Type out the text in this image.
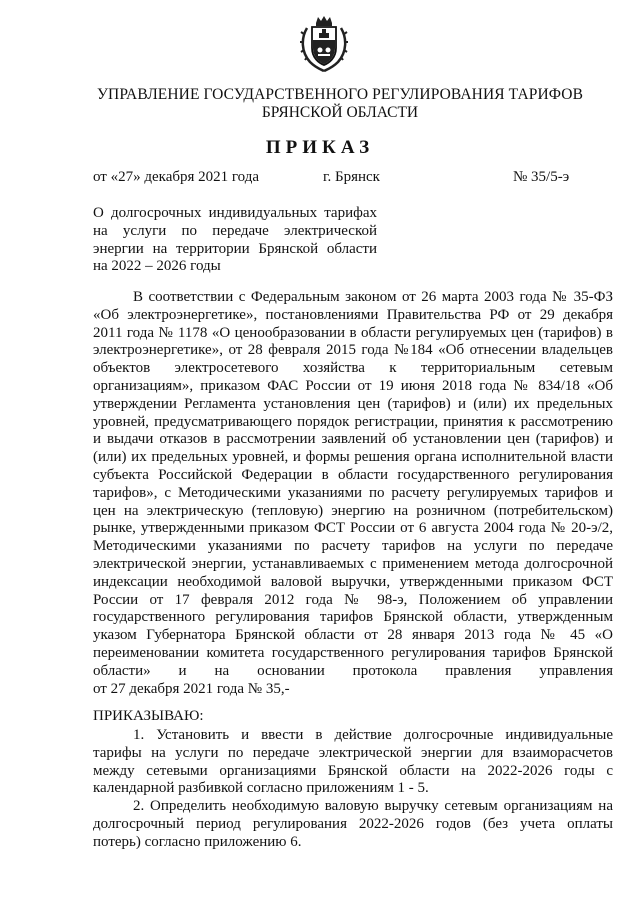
УПРАВЛЕНИЕ ГОСУДАРСТВЕННОГО РЕГУЛИРОВАНИЯ ТАРИФОВ
БРЯНСКОЙ ОБЛАСТИ
ПРИКАЗ
от «27» декабря 2021 года	г. Брянск	№ 35/5-э
О долгосрочных индивидуальных тарифах
на услуги по передаче электрической
энергии на территории Брянской области
на 2022 – 2026 годы
В соответствии с Федеральным законом от 26 марта 2003 года № 35-ФЗ
«Об электроэнергетике», постановлениями Правительства РФ от 29 декабря
2011 года № 1178 «О ценообразовании в области регулируемых цен (тарифов) в
электроэнергетике», от 28 февраля 2015 года №184 «Об отнесении владельцев
объектов электросетевого хозяйства к территориальным сетевым
организациям», приказом ФАС России от 19 июня 2018 года № 834/18 «Об
утверждении Регламента установления цен (тарифов) и (или) их предельных
уровней, предусматривающего порядок регистрации, принятия к рассмотрению
и выдачи отказов в рассмотрении заявлений об установлении цен (тарифов) и
(или) их предельных уровней, и формы решения органа исполнительной власти
субъекта Российской Федерации в области государственного регулирования
тарифов», с Методическими указаниями по расчету регулируемых тарифов и
цен на электрическую (тепловую) энергию на розничном (потребительском)
рынке, утвержденными приказом ФСТ России от 6 августа 2004 года № 20-э/2,
Методическими указаниями по расчету тарифов на услуги по передаче
электрической энергии, устанавливаемых с применением метода долгосрочной
индексации необходимой валовой выручки, утвержденными приказом ФСТ
России от 17 февраля 2012 года № 98-э, Положением об управлении
государственного регулирования тарифов Брянской области, утвержденным
указом Губернатора Брянской области от 28 января 2013 года № 45 «О
переименовании комитета государственного регулирования тарифов Брянской
области» и на основании протокола правления управления
от 27 декабря 2021 года № 35,-
ПРИКАЗЫВАЮ:
1. Установить и ввести в действие долгосрочные индивидуальные
тарифы на услуги по передаче электрической энергии для взаиморасчетов
между сетевыми организациями Брянской области на 2022-2026 годы с
календарной разбивкой согласно приложениям 1 - 5.
2. Определить необходимую валовую выручку сетевым организациям на
долгосрочный период регулирования 2022-2026 годов (без учета оплаты
потерь) согласно приложению 6.
